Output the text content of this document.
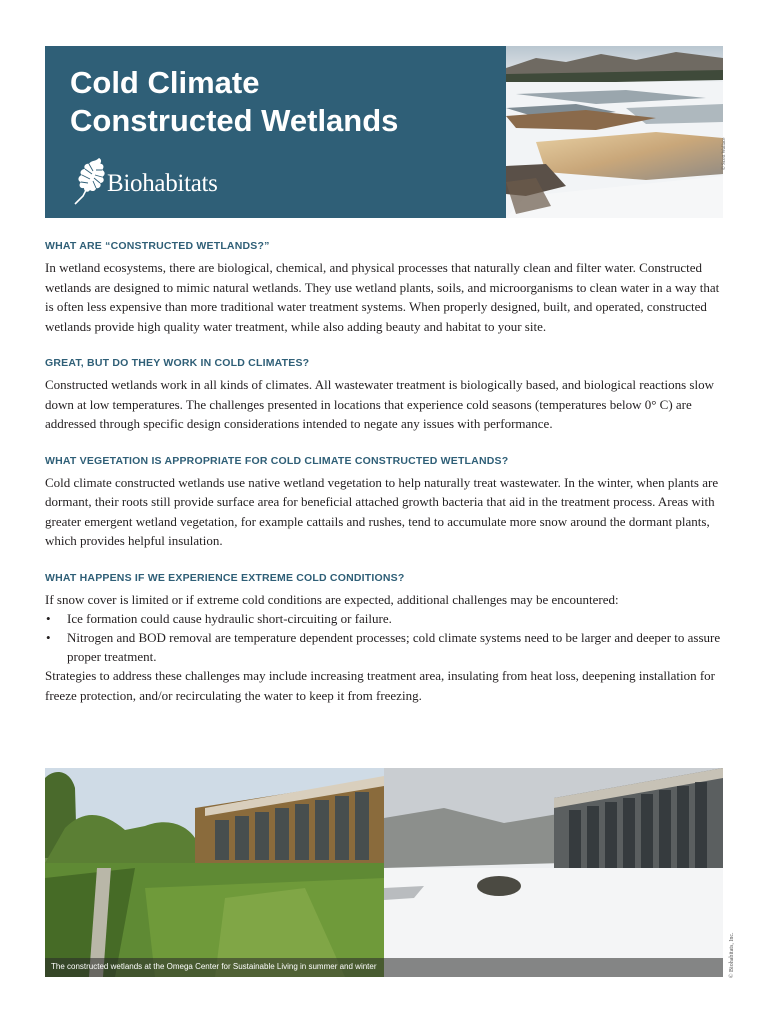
Cold Climate
Constructed Wetlands
Biohabitats
© Scott Wallace
WHAT ARE “CONSTRUCTED WETLANDS?”

In wetland ecosystems, there are biological, chemical, and physical processes that naturally clean and filter water. Constructed wetlands are designed to mimic natural wetlands. They use wetland plants, soils, and microorganisms to clean water in a way that is often less expensive than more traditional water treatment systems. When properly designed, built, and operated, constructed wetlands provide high quality water treatment, while also adding beauty and habitat to your site.

GREAT, BUT DO THEY WORK IN COLD CLIMATES?

Constructed wetlands work in all kinds of climates. All wastewater treatment is biologically based, and biological reactions slow down at low temperatures. The challenges presented in locations that experience cold seasons (temperatures below 0° C) are addressed through specific design considerations intended to negate any issues with performance.

WHAT VEGETATION IS APPROPRIATE FOR COLD CLIMATE CONSTRUCTED WETLANDS?

Cold climate constructed wetlands use native wetland vegetation to help naturally treat wastewater. In the winter, when plants are dormant, their roots still provide surface area for beneficial attached growth bacteria that aid in the treatment process. Areas with greater emergent wetland vegetation, for example cattails and rushes, tend to accumulate more snow around the dormant plants, which provides helpful insulation.

WHAT HAPPENS IF WE EXPERIENCE EXTREME COLD CONDITIONS?

If snow cover is limited or if extreme cold conditions are expected, additional challenges may be encountered:

• Ice formation could cause hydraulic short-circuiting or failure.
• Nitrogen and BOD removal are temperature dependent processes; cold climate systems need to be larger and deeper to assure proper treatment.

Strategies to address these challenges may include increasing treatment area, insulating from heat loss, deepening installation for freeze protection, and/or recirculating the water to keep it from freezing.

The constructed wetlands at the Omega Center for Sustainable Living in summer and winter	© Biohabitats, Inc.
